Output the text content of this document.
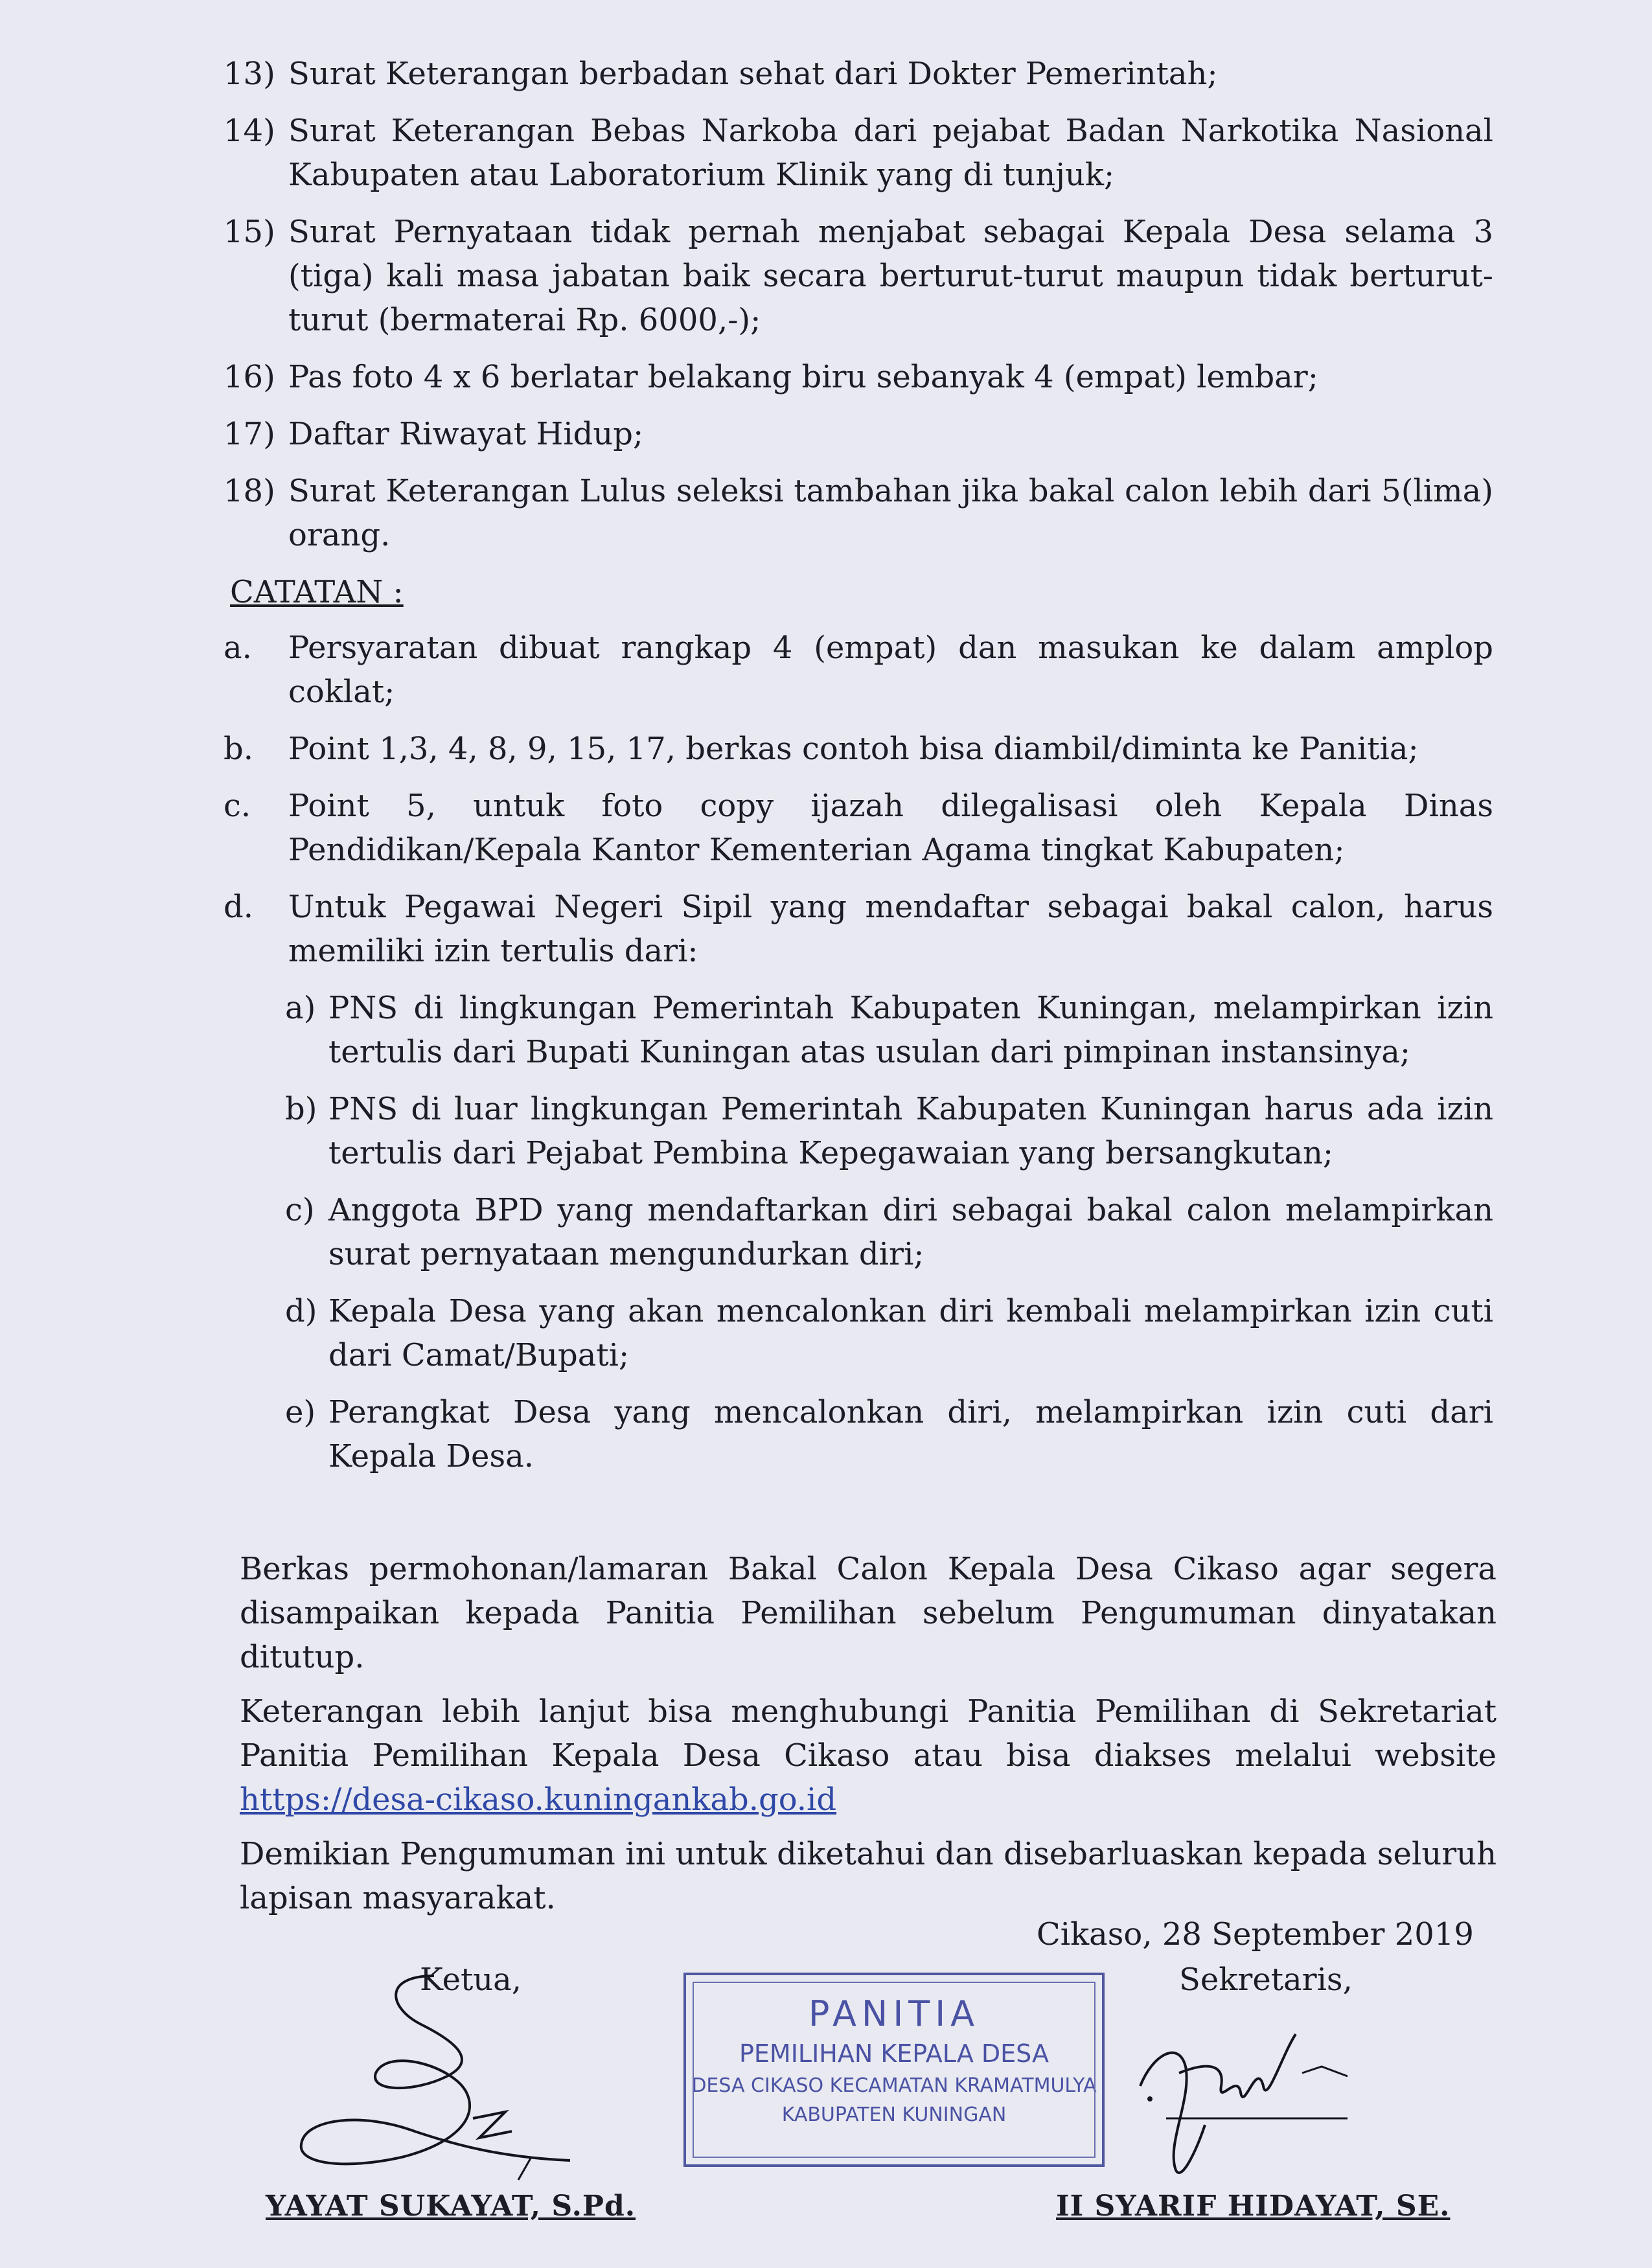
13) Surat Keterangan berbadan sehat dari Dokter Pemerintah;
14) Surat Keterangan Bebas Narkoba dari pejabat Badan Narkotika Nasional Kabupaten atau Laboratorium Klinik yang di tunjuk;
15) Surat Pernyataan tidak pernah menjabat sebagai Kepala Desa selama 3 (tiga) kali masa jabatan baik secara berturut-turut maupun tidak berturut-turut (bermaterai Rp. 6000,-);
16) Pas foto 4 x 6 berlatar belakang biru sebanyak 4 (empat) lembar;
17) Daftar Riwayat Hidup;
18) Surat Keterangan Lulus seleksi tambahan jika bakal calon lebih dari 5(lima) orang.
CATATAN :
a. Persyaratan dibuat rangkap 4 (empat) dan masukan ke dalam amplop coklat;
b. Point 1,3, 4, 8, 9, 15, 17, berkas contoh bisa diambil/diminta ke Panitia;
c. Point 5, untuk foto copy ijazah dilegalisasi oleh Kepala Dinas Pendidikan/Kepala Kantor Kementerian Agama tingkat Kabupaten;
d. Untuk Pegawai Negeri Sipil yang mendaftar sebagai bakal calon, harus memiliki izin tertulis dari:
a) PNS di lingkungan Pemerintah Kabupaten Kuningan, melampirkan izin tertulis dari Bupati Kuningan atas usulan dari pimpinan instansinya;
b) PNS di luar lingkungan Pemerintah Kabupaten Kuningan harus ada izin tertulis dari Pejabat Pembina Kepegawaian yang bersangkutan;
c) Anggota BPD yang mendaftarkan diri sebagai bakal calon melampirkan surat pernyataan mengundurkan diri;
d) Kepala Desa yang akan mencalonkan diri kembali melampirkan izin cuti dari Camat/Bupati;
e) Perangkat Desa yang mencalonkan diri, melampirkan izin cuti dari Kepala Desa.

Berkas permohonan/lamaran Bakal Calon Kepala Desa Cikaso agar segera disampaikan kepada Panitia Pemilihan sebelum Pengumuman dinyatakan ditutup.

Keterangan lebih lanjut bisa menghubungi Panitia Pemilihan di Sekretariat Panitia Pemilihan Kepala Desa Cikaso atau bisa diakses melalui website https://desa-cikaso.kuningankab.go.id

Demikian Pengumuman ini untuk diketahui dan disebarluaskan kepada seluruh lapisan masyarakat.

Cikaso, 28 September 2019
Ketua,	Sekretaris,
PANITIA
PEMILIHAN KEPALA DESA
DESA CIKASO KECAMATAN KRAMATMULYA
KABUPATEN KUNINGAN
YAYAT SUKAYAT, S.Pd.	II SYARIF HIDAYAT, SE.
